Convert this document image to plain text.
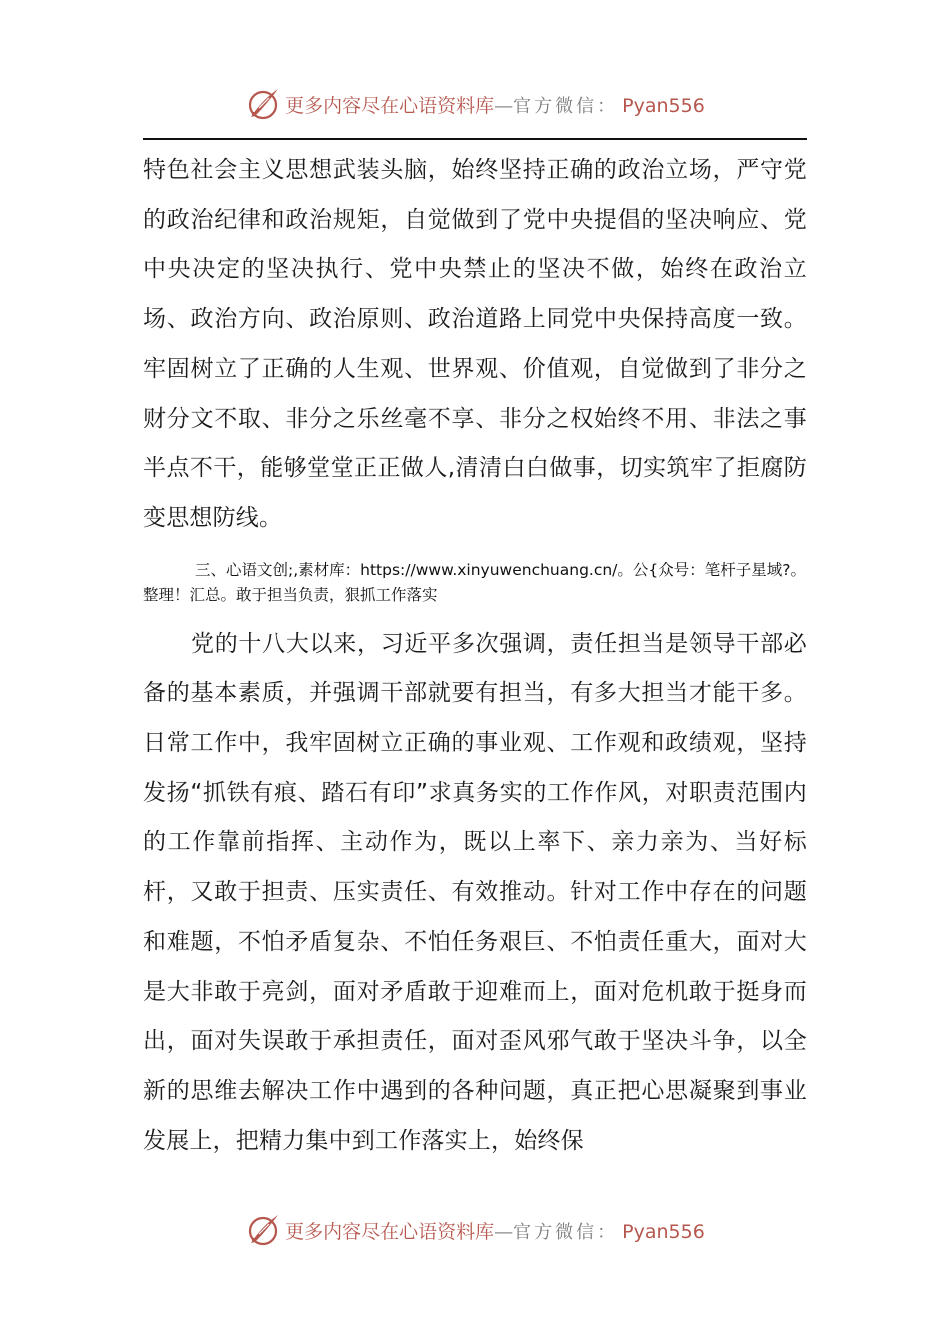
更多内容尽在心语资料库 — 官方微信： Pyan556

特色社会主义思想武装头脑，始终坚持正确的政治立场，严守党的政治纪律和政治规矩，自觉做到了党中央提倡的坚决响应、党中央决定的坚决执行、党中央禁止的坚决不做，始终在政治立场、政治方向、政治原则、政治道路上同党中央保持高度一致。牢固树立了正确的人生观、世界观、价值观，自觉做到了非分之财分文不取、非分之乐丝毫不享、非分之权始终不用、非法之事半点不干，能够堂堂正正做人,清清白白做事，切实筑牢了拒腐防变思想防线。

三、心语文创;,素材库：https://www.xinyuwenchuang.cn/。公{众号：笔杆子星域?。整理！汇总。敢于担当负责，狠抓工作落实

党的十八大以来，习近平多次强调，责任担当是领导干部必备的基本素质，并强调干部就要有担当，有多大担当才能干多。日常工作中，我牢固树立正确的事业观、工作观和政绩观，坚持发扬“抓铁有痕、踏石有印”求真务实的工作作风，对职责范围内的工作靠前指挥、主动作为，既以上率下、亲力亲为、当好标杆，又敢于担责、压实责任、有效推动。针对工作中存在的问题和难题，不怕矛盾复杂、不怕任务艰巨、不怕责任重大，面对大是大非敢于亮剑，面对矛盾敢于迎难而上，面对危机敢于挺身而出，面对失误敢于承担责任，面对歪风邪气敢于坚决斗争，以全新的思维去解决工作中遇到的各种问题，真正把心思凝聚到事业发展上，把精力集中到工作落实上，始终保

更多内容尽在心语资料库 — 官方微信： Pyan556
